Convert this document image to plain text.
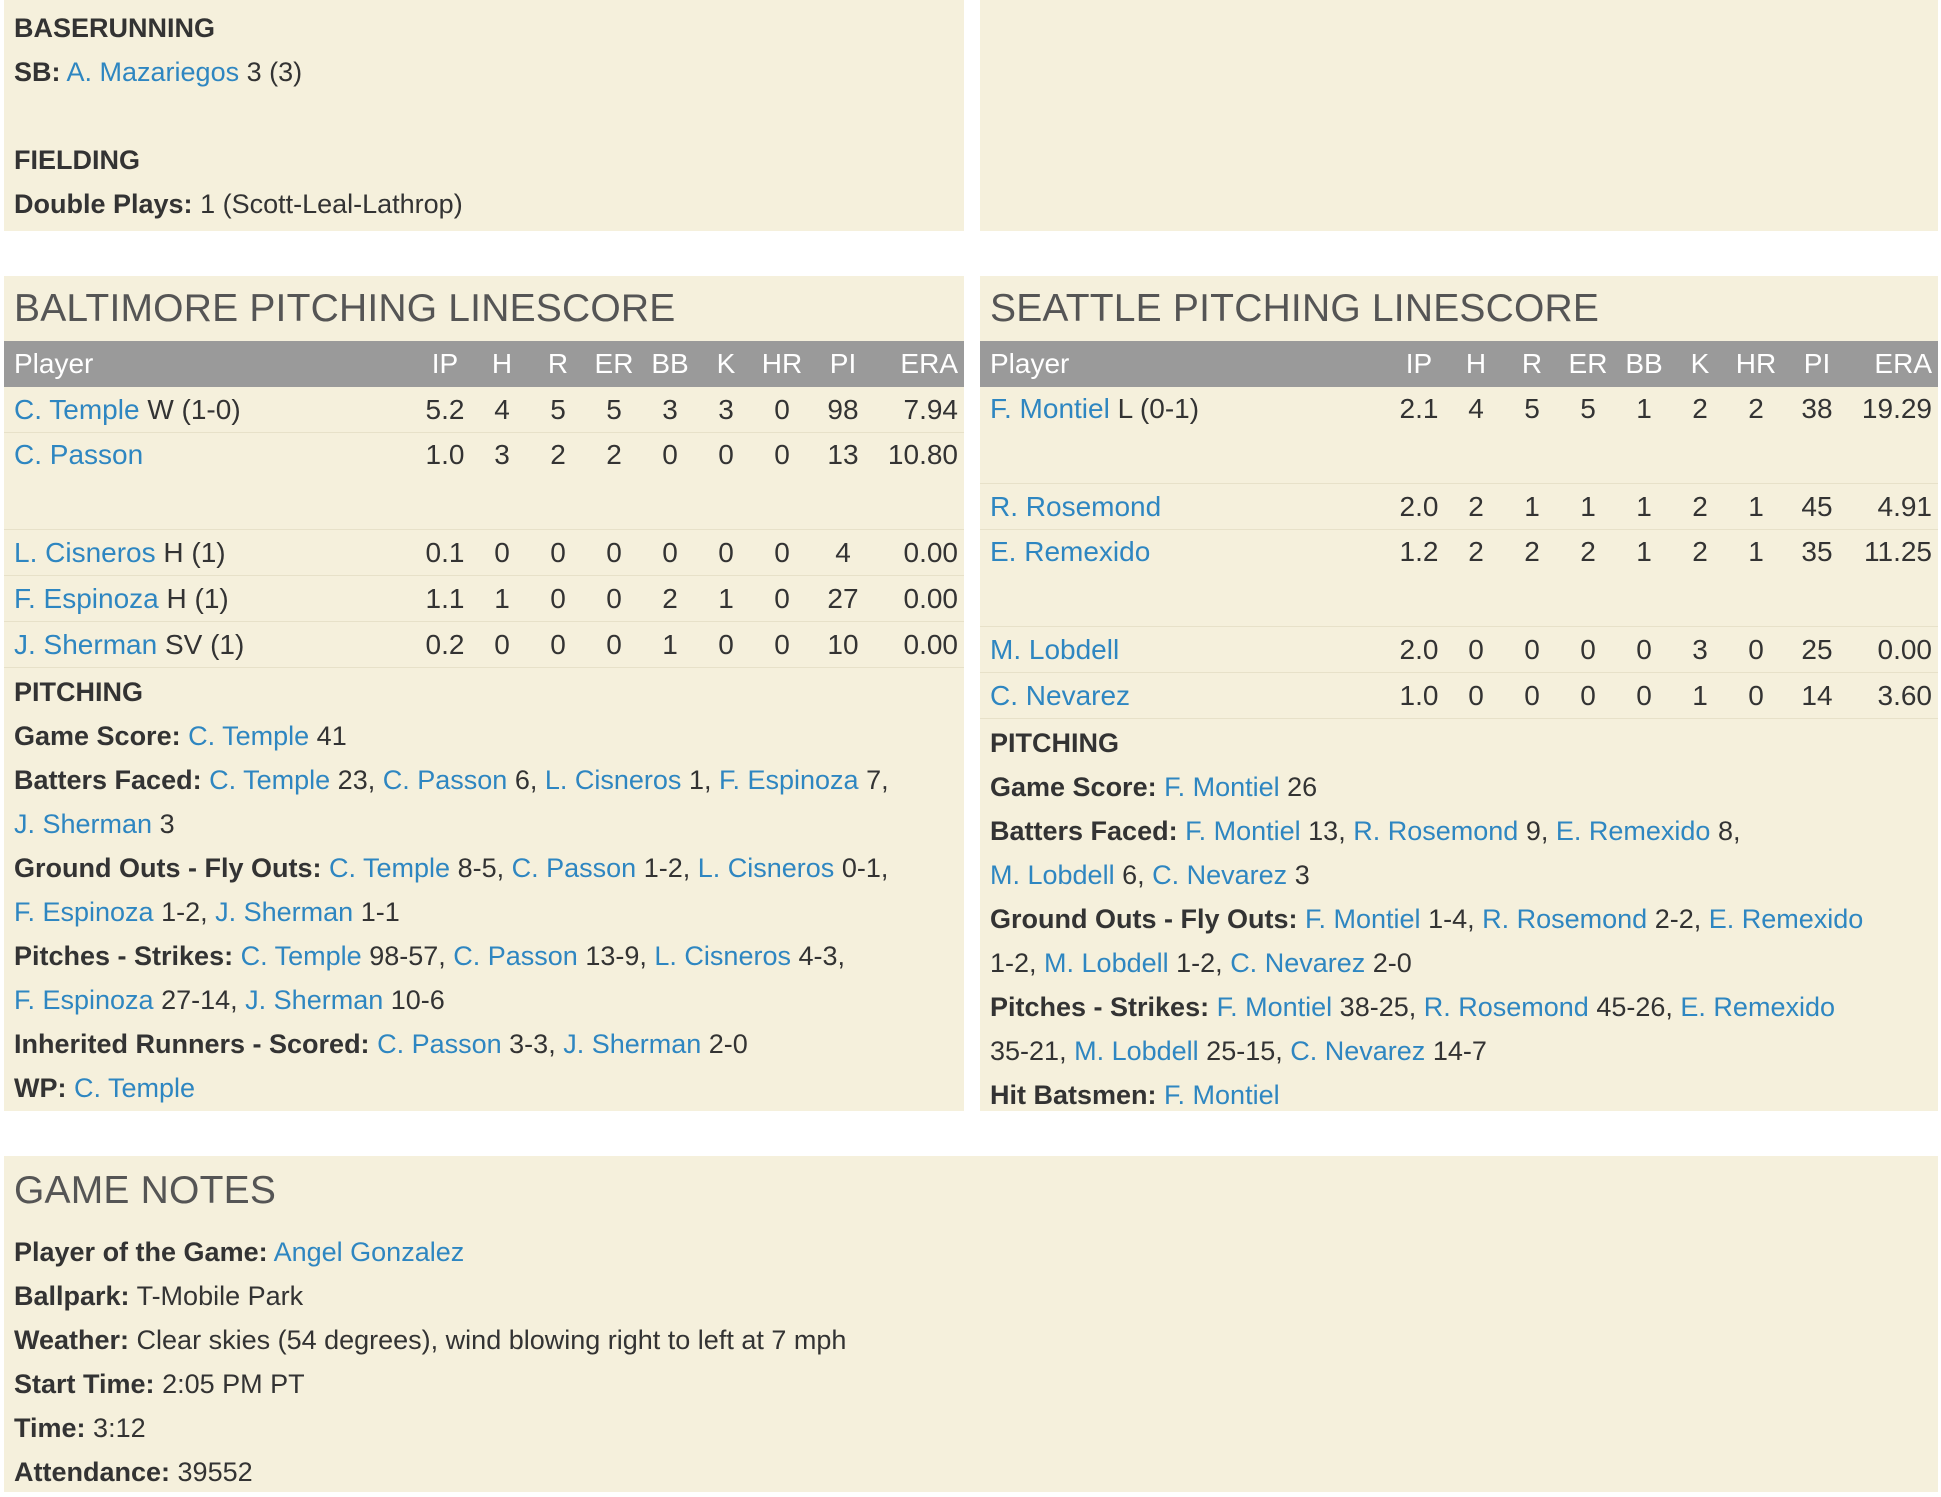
BASERUNNING
SB: A. Mazariegos 3 (3)
FIELDING
Double Plays: 1 (Scott-Leal-Lathrop)
BALTIMORE PITCHING LINESCORE
Player	IP	H	R	ER	BB	K	HR	PI	ERA
C. Temple W (1-0)	5.2	4	5	5	3	3	0	98	7.94
C. Passon	1.0	3	2	2	0	0	0	13	10.80
L. Cisneros H (1)	0.1	0	0	0	0	0	0	4	0.00
F. Espinoza H (1)	1.1	1	0	0	2	1	0	27	0.00
J. Sherman SV (1)	0.2	0	0	0	1	0	0	10	0.00
PITCHING
Game Score: C. Temple 41
Batters Faced: C. Temple 23, C. Passon 6, L. Cisneros 1, F. Espinoza 7,
J. Sherman 3
Ground Outs - Fly Outs: C. Temple 8-5, C. Passon 1-2, L. Cisneros 0-1,
F. Espinoza 1-2, J. Sherman 1-1
Pitches - Strikes: C. Temple 98-57, C. Passon 13-9, L. Cisneros 4-3,
F. Espinoza 27-14, J. Sherman 10-6
Inherited Runners - Scored: C. Passon 3-3, J. Sherman 2-0
WP: C. Temple
SEATTLE PITCHING LINESCORE
Player	IP	H	R	ER	BB	K	HR	PI	ERA
F. Montiel L (0-1)	2.1	4	5	5	1	2	2	38	19.29
R. Rosemond	2.0	2	1	1	1	2	1	45	4.91
E. Remexido	1.2	2	2	2	1	2	1	35	11.25
M. Lobdell	2.0	0	0	0	0	3	0	25	0.00
C. Nevarez	1.0	0	0	0	0	1	0	14	3.60
PITCHING
Game Score: F. Montiel 26
Batters Faced: F. Montiel 13, R. Rosemond 9, E. Remexido 8,
M. Lobdell 6, C. Nevarez 3
Ground Outs - Fly Outs: F. Montiel 1-4, R. Rosemond 2-2, E. Remexido
1-2, M. Lobdell 1-2, C. Nevarez 2-0
Pitches - Strikes: F. Montiel 38-25, R. Rosemond 45-26, E. Remexido
35-21, M. Lobdell 25-15, C. Nevarez 14-7
Hit Batsmen: F. Montiel
GAME NOTES
Player of the Game: Angel Gonzalez
Ballpark: T-Mobile Park
Weather: Clear skies (54 degrees), wind blowing right to left at 7 mph
Start Time: 2:05 PM PT
Time: 3:12
Attendance: 39552
